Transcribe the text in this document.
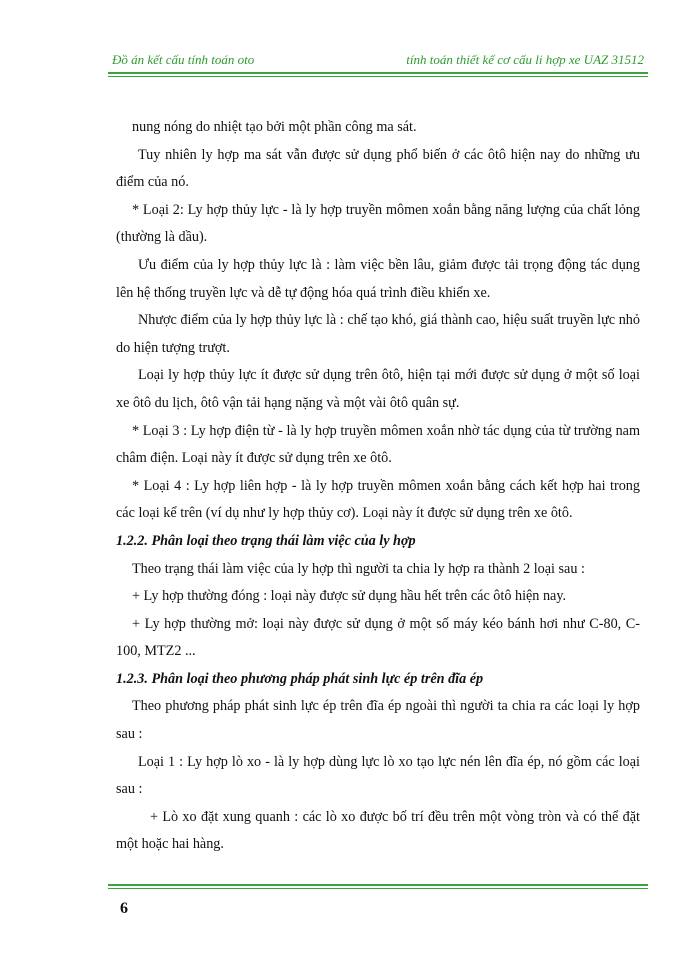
Đồ án kết cấu tính toán oto	tính toán thiết kế cơ cấu li hợp xe UAZ 31512

nung nóng do nhiệt tạo bởi một phần công ma sát.

Tuy nhiên ly hợp ma sát vẫn được sử dụng phổ biến ở các ôtô hiện nay do những ưu điểm của nó.

* Loại 2: Ly hợp thủy lực - là ly hợp truyền mômen xoắn bằng năng lượng của chất lỏng (thường là dầu).

Ưu điểm của ly hợp thủy lực là : làm việc bền lâu, giảm được tải trọng động tác dụng lên hệ thống truyền lực và dễ tự động hóa quá trình điều khiển xe.

Nhược điểm của ly hợp thủy lực là : chế tạo khó, giá thành cao, hiệu suất truyền lực nhỏ do hiện tượng trượt.

Loại ly hợp thủy lực ít được sử dụng trên ôtô, hiện tại mới được sử dụng ở một số loại xe ôtô du lịch, ôtô vận tải hạng nặng và một vài ôtô quân sự.

* Loại 3 : Ly hợp điện từ - là ly hợp truyền mômen xoắn nhờ tác dụng của từ trường nam châm điện. Loại này ít được sử dụng trên xe ôtô.

* Loại 4 : Ly hợp liên hợp - là ly hợp truyền mômen xoắn bằng cách kết hợp hai trong các loại kể trên (ví dụ như ly hợp thủy cơ). Loại này ít được sử dụng trên xe ôtô.

1.2.2. Phân loại theo trạng thái làm việc của ly hợp

Theo trạng thái làm việc của ly hợp thì người ta chia ly hợp ra thành 2 loại sau :

+ Ly hợp thường đóng : loại này được sử dụng hầu hết trên các ôtô hiện nay.

+ Ly hợp thường mở: loại này được sử dụng ở một số máy kéo bánh hơi như C-80, C-100, MTZ2 ...

1.2.3. Phân loại theo phương pháp phát sinh lực ép trên đĩa ép

Theo phương pháp phát sinh lực ép trên đĩa ép ngoài thì người ta chia ra các loại ly hợp sau :

Loại 1 : Ly hợp lò xo - là ly hợp dùng lực lò xo tạo lực nén lên đĩa ép, nó gồm các loại sau :

+ Lò xo đặt xung quanh : các lò xo được bố trí đều trên một vòng tròn và có thể đặt một hoặc hai hàng.

6
